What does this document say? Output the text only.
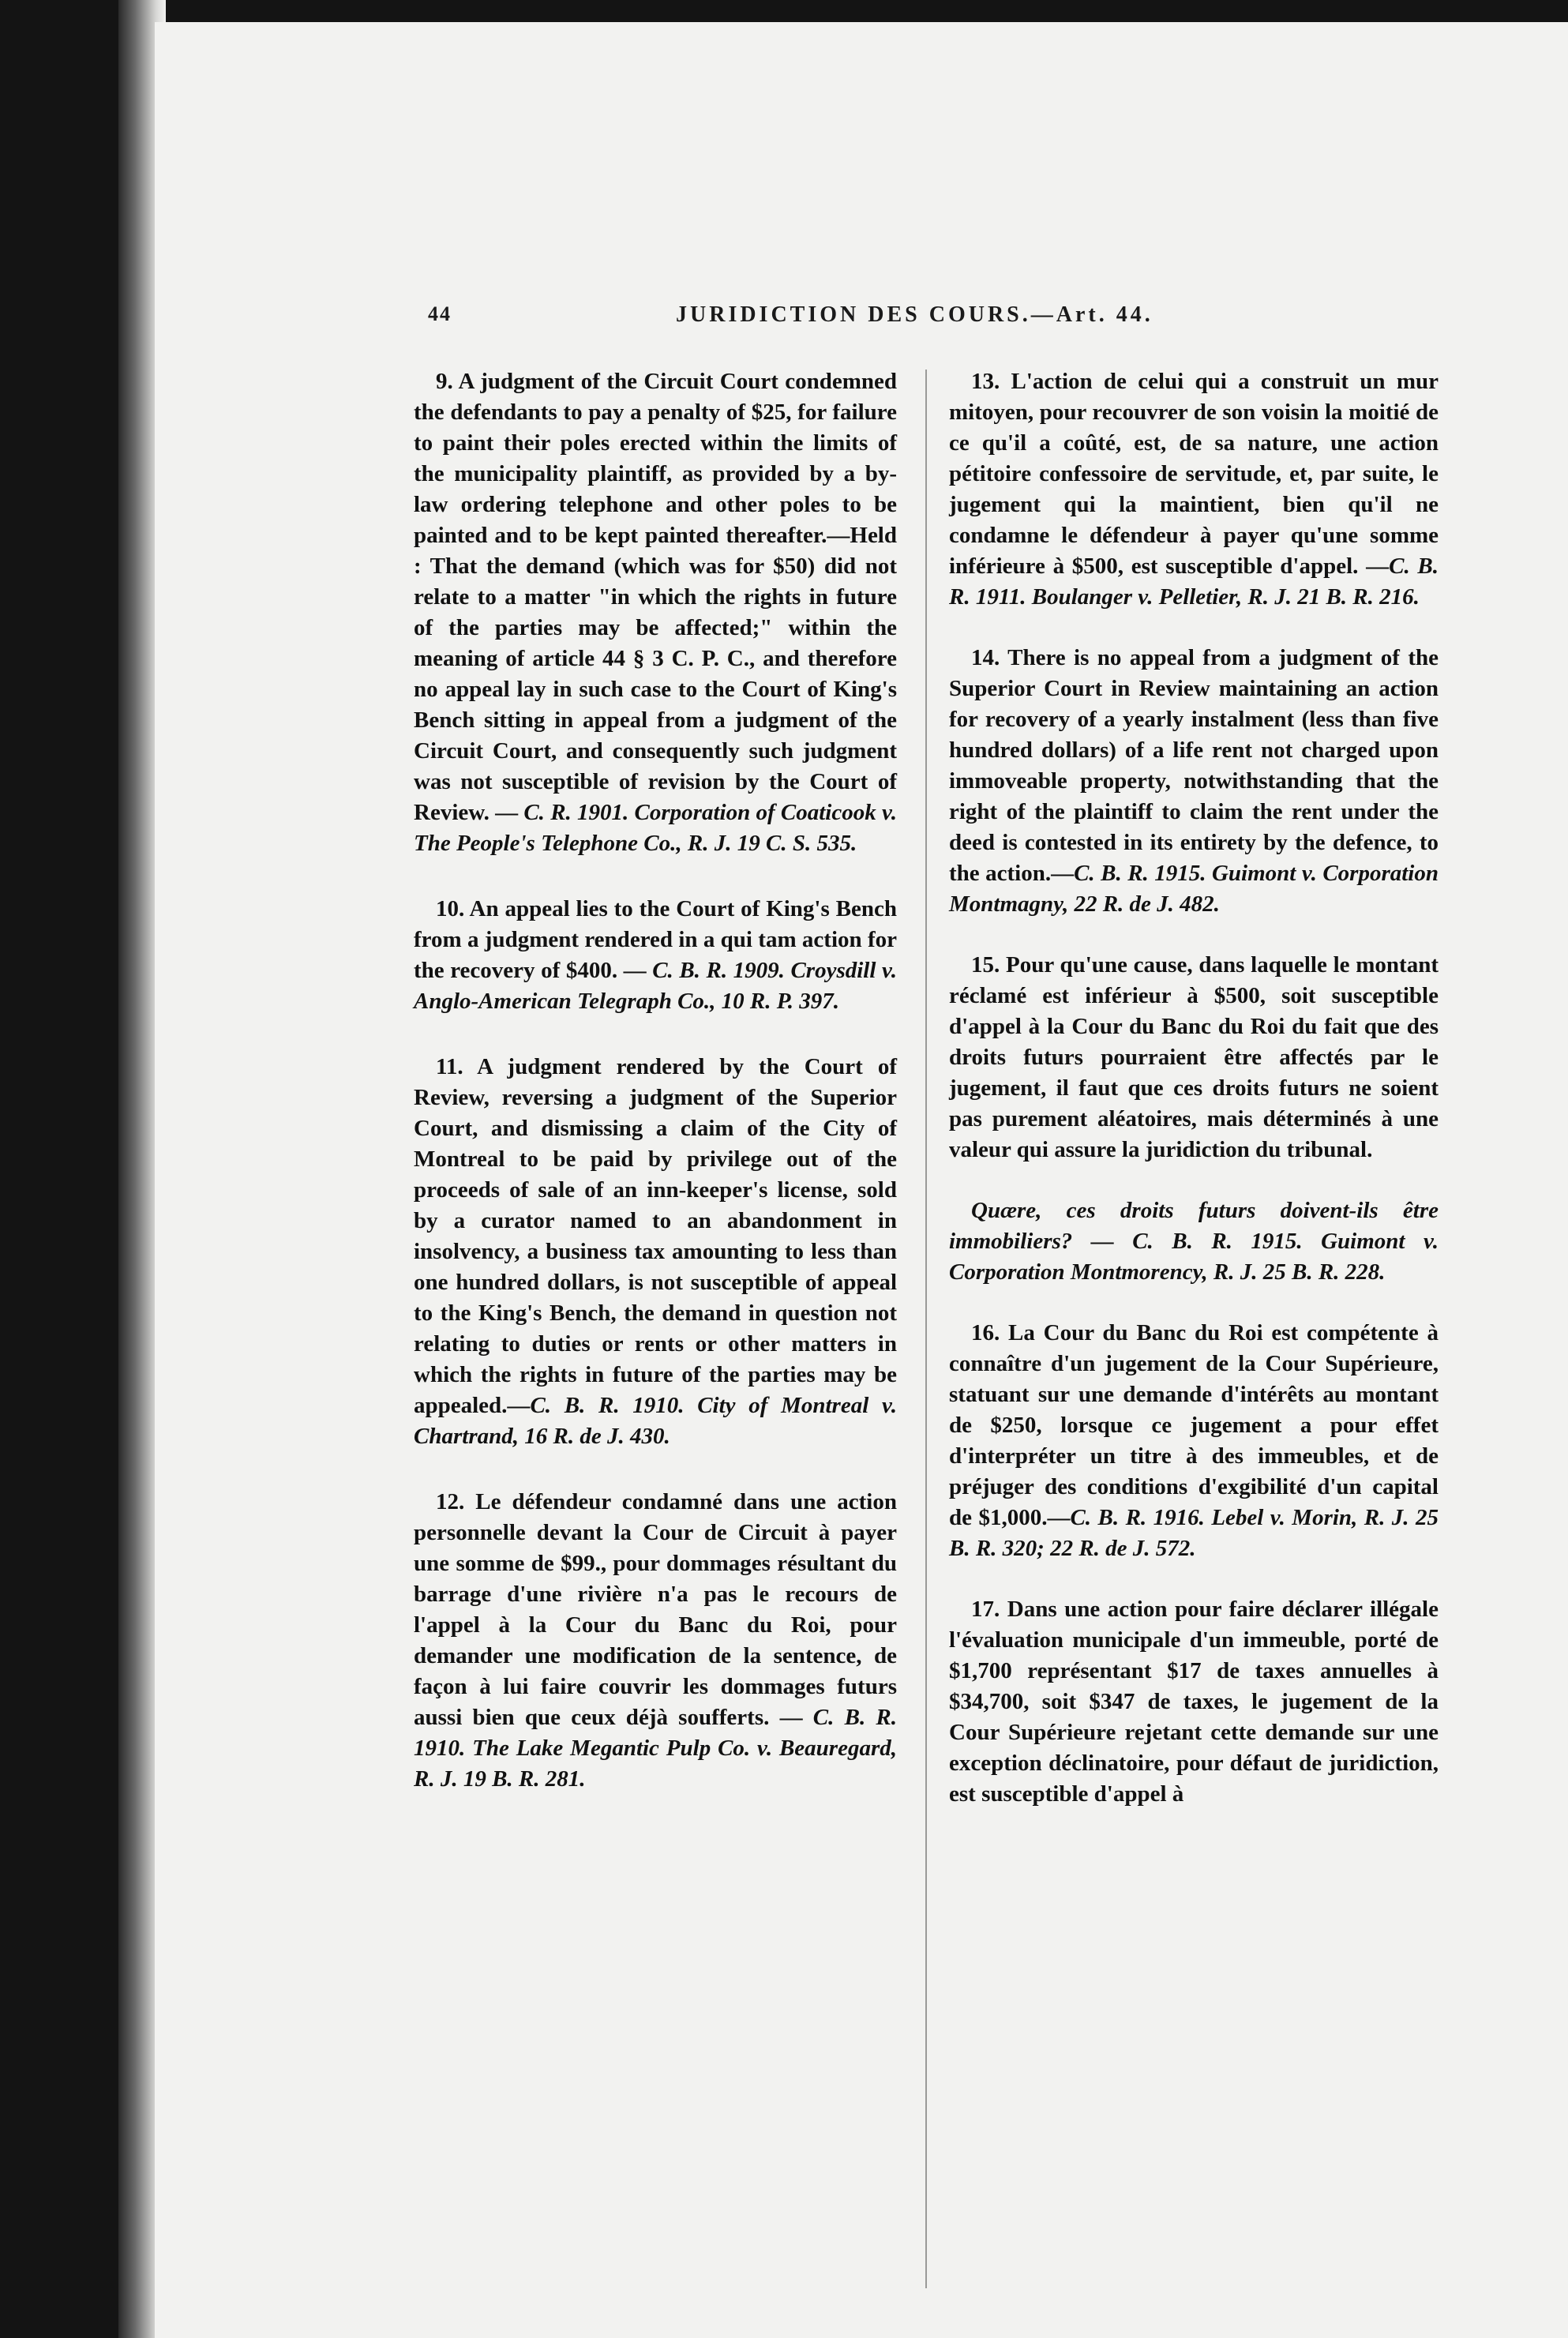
44	JURIDICTION DES COURS.—Art. 44.

9. A judgment of the Circuit Court condemned the defendants to pay a penalty of $25, for failure to paint their poles erected within the limits of the municipality plaintiff, as provided by a by-law ordering telephone and other poles to be painted and to be kept painted thereafter.—Held : That the demand (which was for $50) did not relate to a matter "in which the rights in future of the parties may be affected;" within the meaning of article 44 § 3 C. P. C., and therefore no appeal lay in such case to the Court of King's Bench sitting in appeal from a judgment of the Circuit Court, and consequently such judgment was not susceptible of revision by the Court of Review. — C. R. 1901. Corporation of Coaticook v. The People's Telephone Co., R. J. 19 C. S. 535.

10. An appeal lies to the Court of King's Bench from a judgment rendered in a qui tam action for the recovery of $400. — C. B. R. 1909. Croysdill v. Anglo-American Telegraph Co., 10 R. P. 397.

11. A judgment rendered by the Court of Review, reversing a judgment of the Superior Court, and dismissing a claim of the City of Montreal to be paid by privilege out of the proceeds of sale of an inn-keeper's license, sold by a curator named to an abandonment in insolvency, a business tax amounting to less than one hundred dollars, is not susceptible of appeal to the King's Bench, the demand in question not relating to duties or rents or other matters in which the rights in future of the parties may be appealed.—C. B. R. 1910. City of Montreal v. Chartrand, 16 R. de J. 430.

12. Le défendeur condamné dans une action personnelle devant la Cour de Circuit à payer une somme de $99., pour dommages résultant du barrage d'une rivière n'a pas le recours de l'appel à la Cour du Banc du Roi, pour demander une modification de la sentence, de façon à lui faire couvrir les dommages futurs aussi bien que ceux déjà soufferts. — C. B. R. 1910. The Lake Megantic Pulp Co. v. Beauregard, R. J. 19 B. R. 281.

13. L'action de celui qui a construit un mur mitoyen, pour recouvrer de son voisin la moitié de ce qu'il a coûté, est, de sa nature, une action pétitoire confessoire de servitude, et, par suite, le jugement qui la maintient, bien qu'il ne condamne le défendeur à payer qu'une somme inférieure à $500, est susceptible d'appel. —C. B. R. 1911. Boulanger v. Pelletier, R. J. 21 B. R. 216.

14. There is no appeal from a judgment of the Superior Court in Review maintaining an action for recovery of a yearly instalment (less than five hundred dollars) of a life rent not charged upon immoveable property, notwithstanding that the right of the plaintiff to claim the rent under the deed is contested in its entirety by the defence, to the action.—C. B. R. 1915. Guimont v. Corporation Montmagny, 22 R. de J. 482.

15. Pour qu'une cause, dans laquelle le montant réclamé est inférieur à $500, soit susceptible d'appel à la Cour du Banc du Roi du fait que des droits futurs pourraient être affectés par le jugement, il faut que ces droits futurs ne soient pas purement aléatoires, mais déterminés à une valeur qui assure la juridiction du tribunal.

Quære, ces droits futurs doivent-ils être immobiliers? — C. B. R. 1915. Guimont v. Corporation Montmorency, R. J. 25 B. R. 228.

16. La Cour du Banc du Roi est compétente à connaître d'un jugement de la Cour Supérieure, statuant sur une demande d'intérêts au montant de $250, lorsque ce jugement a pour effet d'interpréter un titre à des immeubles, et de préjuger des conditions d'exgibilité d'un capital de $1,000.—C. B. R. 1916. Lebel v. Morin, R. J. 25 B. R. 320; 22 R. de J. 572.

17. Dans une action pour faire déclarer illégale l'évaluation municipale d'un immeuble, porté de $1,700 représentant $17 de taxes annuelles à $34,700, soit $347 de taxes, le jugement de la Cour Supérieure rejetant cette demande sur une exception déclinatoire, pour défaut de juridiction, est susceptible d'appel à
